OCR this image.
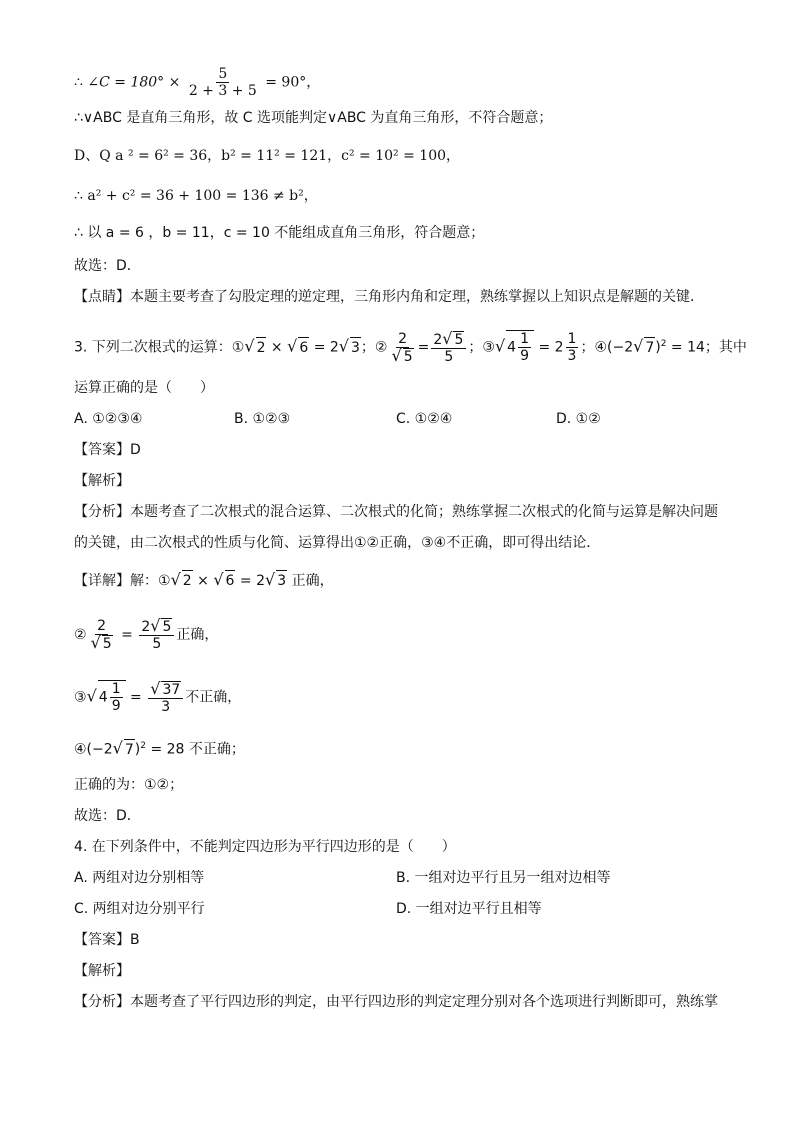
∴ ∠C = $180^\circ \times \frac{5}{2 + 3 + 5} = 90^\circ$，
∴∨ABC 是直角三角形，故 C 选项能判定∨ABC 为直角三角形，不符合题意；
D、Q a ² = 6² = 36，b² = 11² = 121，c² = 10² = 100，
∴ a² + c² = 36 + 100 = 136 ≠ b²，
∴ 以 a = 6 ，b = 11，c = 10 不能组成直角三角形，符合题意；
故选：D．
【点睛】本题主要考查了勾股定理的逆定理，三角形内角和定理，熟练掌握以上知识点是解题的关键．
3. 下列二次根式的运算：①√ 2 × √ 6 = 2√ 3；② $\frac{2}{√ 5} = \frac{2√ 5}{5}$ ；③√ $4 \frac{1}{9} = 2 \frac{1}{3}$ ；④(−2√ 7)$^2$ = 14；其中
运算正确的是（　　）
A. ①②③④	B. ①②③	C. ①②④	D. ①②
【答案】D
【解析】
【分析】本题考查了二次根式的混合运算、二次根式的化简；熟练掌握二次根式的化简与运算是解决问题
的关键，由二次根式的性质与化简、运算得出①②正确，③④不正确，即可得出结论．
【详解】解：①√ 2 × √ 6 = 2√ 3 正确，
② $\frac{2}{√ 5} = \frac{2√ 5}{5}$ 正确，
③√ $4 \frac{1}{9} = \frac{√ 37}{3}$ 不正确，
④(−2√ 7)$^2$ = 28 不正确；
正确的为：①②；
故选：D．
4. 在下列条件中，不能判定四边形为平行四边形的是（　　）
A. 两组对边分别相等	B. 一组对边平行且另一组对边相等
C. 两组对边分别平行	D. 一组对边平行且相等
【答案】B
【解析】
【分析】本题考查了平行四边形的判定，由平行四边形的判定定理分别对各个选项进行判断即可，熟练掌
